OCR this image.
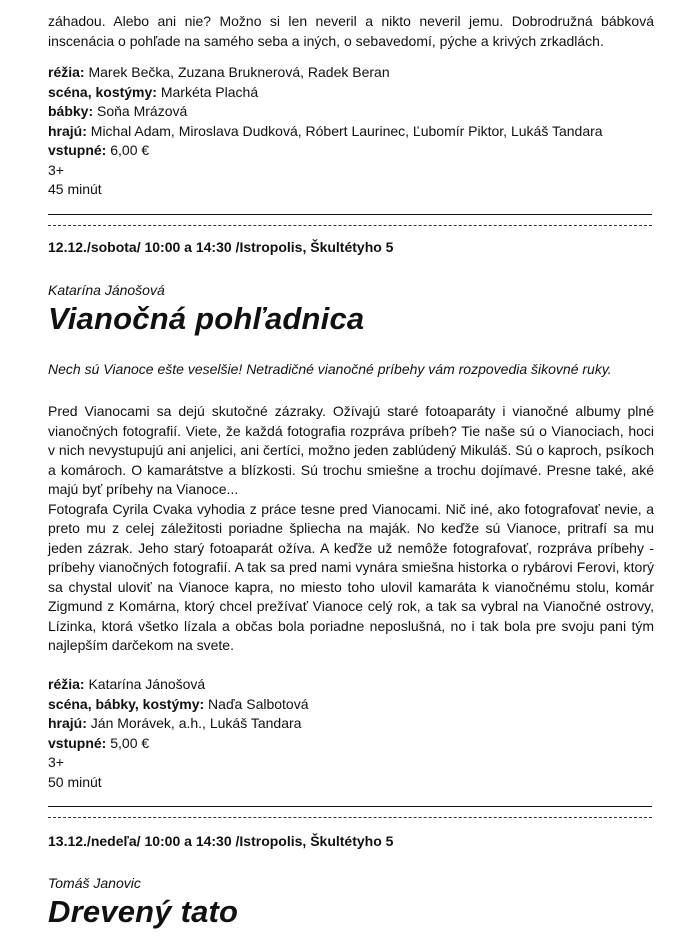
záhadou. Alebo ani nie? Možno si len neveril a nikto neveril jemu. Dobrodružná bábková inscenácia o pohľade na samého seba a iných, o sebavedomí, pýche a krivých zrkadlách.

réžia: Marek Bečka, Zuzana Bruknerová, Radek Beran

scéna, kostýmy: Markéta Plachá

bábky: Soňa Mrázová

hrajú: Michal Adam, Miroslava Dudková, Róbert Laurinec, Ľubomír Piktor, Lukáš Tandara

vstupné: 6,00 €

3+

45 minút

12.12./sobota/ 10:00 a 14:30 /Istropolis, Škultétyho 5
Katarína Jánošová
Vianočná pohľadnica
Nech sú Vianoce ešte veselšie! Netradičné vianočné príbehy vám rozpovedia šikovné ruky.

Pred Vianocami sa dejú skutočné zázraky. Ožívajú staré fotoaparáty i vianočné albumy plné vianočných fotografií. Viete, že každá fotografia rozpráva príbeh? Tie naše sú o Vianociach, hoci v nich nevystupujú ani anjelici, ani čertíci, možno jeden zablúdený Mikuláš. Sú o kaproch, psíkoch a komároch. O kamarátstve a blízkosti. Sú trochu smiešne a trochu dojímavé. Presne také, aké majú byť príbehy na Vianoce...

Fotografa Cyrila Cvaka vyhodia z práce tesne pred Vianocami. Nič iné, ako fotografovať nevie, a preto mu z celej záležitosti poriadne špliecha na maják. No keďže sú Vianoce, pritrafí sa mu jeden zázrak. Jeho starý fotoaparát ožíva. A keďže už nemôže fotografovať, rozpráva príbehy - príbehy vianočných fotografií. A tak sa pred nami vynára smiešna historka o rybárovi Ferovi, ktorý sa chystal uloviť na Vianoce kapra, no miesto toho ulovil kamaráta k vianočnému stolu, komár Zigmund z Komárna, ktorý chcel prežívať Vianoce celý rok, a tak sa vybral na Vianočné ostrovy, Lízinka, ktorá všetko lízala a občas bola poriadne neposlušná, no i tak bola pre svoju pani tým najlepším darčekom na svete.

réžia: Katarína Jánošová

scéna, bábky, kostýmy: Naďa Salbotová

hrajú: Ján Morávek, a.h., Lukáš Tandara

vstupné: 5,00 €

3+

50 minút

13.12./nedeľa/ 10:00 a 14:30 /Istropolis, Škultétyho 5
Tomáš Janovic
Drevený tato
